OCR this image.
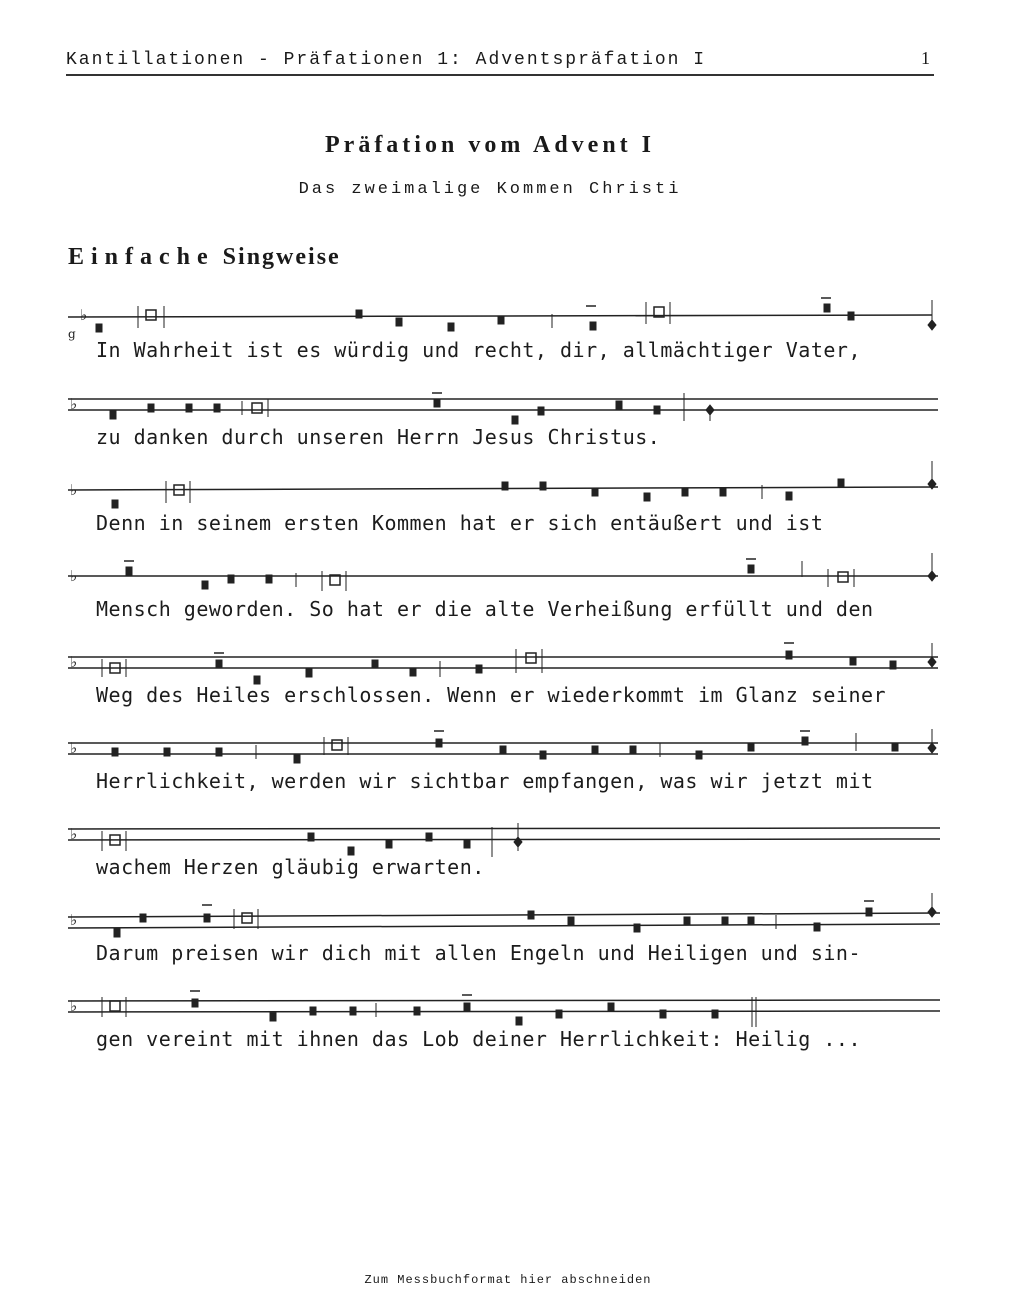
Kantillationen - Präfationen 1: Adventspräfation I	1
Präfation vom Advent I
Das zweimalige Kommen Christi
Einfache Singweise
♭
g
In Wahrheit ist es würdig und recht, dir, allmächtiger Vater,
♭
zu danken durch unseren Herrn Jesus Christus.
♭
Denn in seinem ersten Kommen hat er sich entäußert und ist
♭
Mensch geworden. So hat er die alte Verheißung erfüllt und den
♭
Weg des Heiles erschlossen. Wenn er wiederkommt im Glanz seiner
♭
Herrlichkeit, werden wir sichtbar empfangen, was wir jetzt mit
♭
wachem Herzen gläubig erwarten.
♭
Darum preisen wir dich mit allen Engeln und Heiligen und sin-
♭
gen vereint mit ihnen das Lob deiner Herrlichkeit: Heilig ...
Zum Messbuchformat hier abschneiden
